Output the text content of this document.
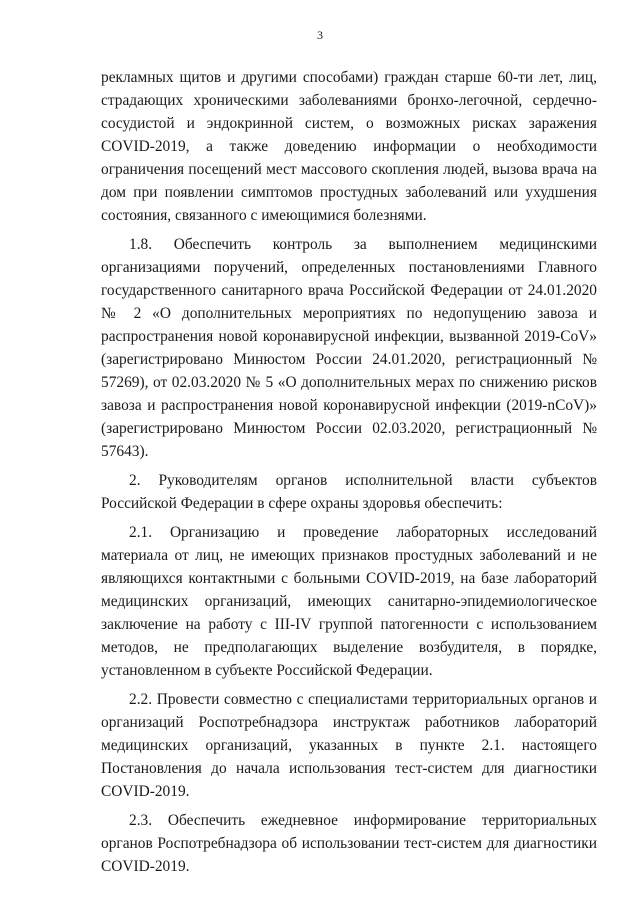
3

рекламных щитов и другими способами) граждан старше 60-ти лет, лиц, страдающих хроническими заболеваниями бронхо-легочной, сердечно-сосудистой и эндокринной систем, о возможных рисках заражения COVID-2019, а также доведению информации о необходимости ограничения посещений мест массового скопления людей, вызова врача на дом при появлении симптомов простудных заболеваний или ухудшения состояния, связанного с имеющимися болезнями.

1.8. Обеспечить контроль за выполнением медицинскими организациями поручений, определенных постановлениями Главного государственного санитарного врача Российской Федерации от 24.01.2020 № 2 «О дополнительных мероприятиях по недопущению завоза и распространения новой коронавирусной инфекции, вызванной 2019-CoV» (зарегистрировано Минюстом России 24.01.2020, регистрационный № 57269), от 02.03.2020 № 5 «О дополнительных мерах по снижению рисков завоза и распространения новой коронавирусной инфекции (2019-nCoV)» (зарегистрировано Минюстом России 02.03.2020, регистрационный № 57643).

2. Руководителям органов исполнительной власти субъектов Российской Федерации в сфере охраны здоровья обеспечить:

2.1. Организацию и проведение лабораторных исследований материала от лиц, не имеющих признаков простудных заболеваний и не являющихся контактными с больными COVID-2019, на базе лабораторий медицинских организаций, имеющих санитарно-эпидемиологическое заключение на работу с III-IV группой патогенности с использованием методов, не предполагающих выделение возбудителя, в порядке, установленном в субъекте Российской Федерации.

2.2. Провести совместно с специалистами территориальных органов и организаций Роспотребнадзора инструктаж работников лабораторий медицинских организаций, указанных в пункте 2.1. настоящего Постановления до начала использования тест-систем для диагностики COVID-2019.

2.3. Обеспечить ежедневное информирование территориальных органов Роспотребнадзора об использовании тест-систем для диагностики COVID-2019.
